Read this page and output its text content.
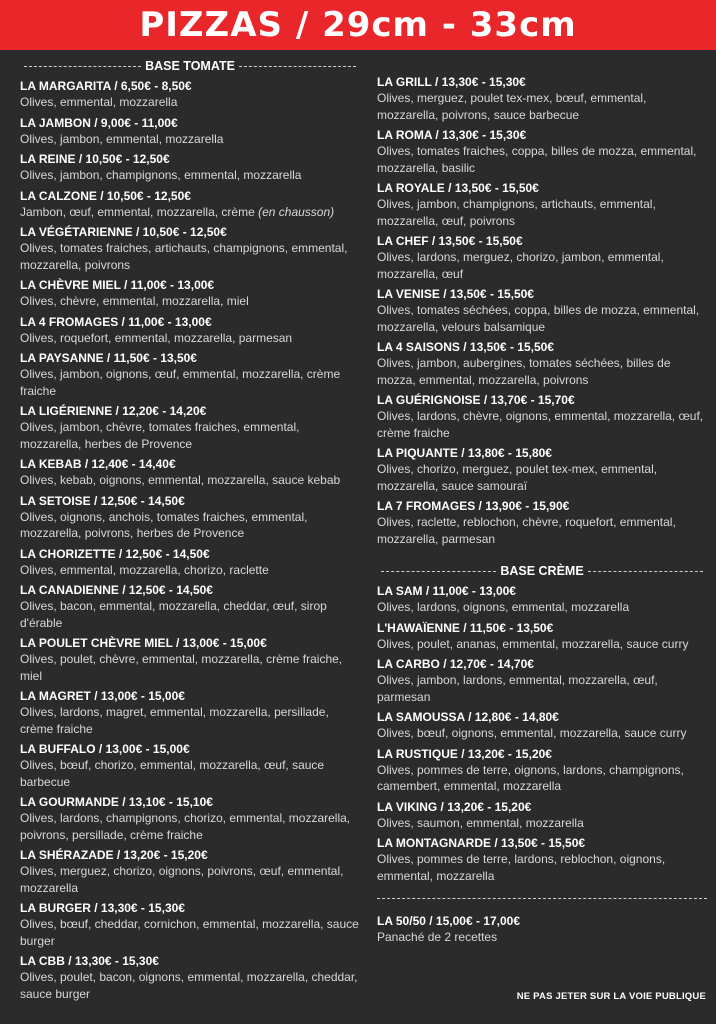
PIZZAS / 29cm - 33cm
BASE TOMATE
LA MARGARITA / 6,50€ - 8,50€
Olives, emmental, mozzarella
LA JAMBON / 9,00€ - 11,00€
Olives, jambon, emmental, mozzarella
LA REINE / 10,50€ - 12,50€
Olives, jambon, champignons, emmental, mozzarella
LA CALZONE / 10,50€ - 12,50€
Jambon, œuf, emmental, mozzarella, crème (en chausson)
LA VÉGÉTARIENNE / 10,50€ - 12,50€
Olives, tomates fraiches, artichauts, champignons, emmental, mozzarella, poivrons
LA CHÈVRE MIEL / 11,00€ - 13,00€
Olives, chèvre, emmental, mozzarella, miel
LA 4 FROMAGES / 11,00€ - 13,00€
Olives, roquefort, emmental, mozzarella, parmesan
LA PAYSANNE / 11,50€ - 13,50€
Olives, jambon, oignons, œuf, emmental, mozzarella, crème fraiche
LA LIGÉRIENNE / 12,20€ - 14,20€
Olives, jambon, chèvre, tomates fraiches, emmental, mozzarella, herbes de Provence
LA KEBAB / 12,40€ - 14,40€
Olives, kebab, oignons, emmental, mozzarella, sauce kebab
LA SETOISE / 12,50€ - 14,50€
Olives, oignons, anchois, tomates fraiches, emmental, mozzarella, poivrons, herbes de Provence
LA CHORIZETTE / 12,50€ - 14,50€
Olives, emmental, mozzarella, chorizo, raclette
LA CANADIENNE / 12,50€ - 14,50€
Olives, bacon, emmental, mozzarella, cheddar, œuf, sirop d'érable
LA POULET CHÈVRE MIEL / 13,00€ - 15,00€
Olives, poulet, chèvre, emmental, mozzarella, crème fraiche, miel
LA MAGRET / 13,00€ - 15,00€
Olives, lardons, magret, emmental, mozzarella, persillade, crème fraiche
LA BUFFALO / 13,00€ - 15,00€
Olives, bœuf, chorizo, emmental, mozzarella, œuf, sauce barbecue
LA GOURMANDE / 13,10€ - 15,10€
Olives, lardons, champignons, chorizo, emmental, mozzarella, poivrons, persillade, crème fraiche
LA SHÉRAZADE / 13,20€ - 15,20€
Olives, merguez, chorizo, oignons, poivrons, œuf, emmental, mozzarella
LA BURGER / 13,30€ - 15,30€
Olives, bœuf, cheddar, cornichon, emmental, mozzarella, sauce burger
LA CBB / 13,30€ - 15,30€
Olives, poulet, bacon, oignons, emmental, mozzarella, cheddar, sauce burger
LA GRILL / 13,30€ - 15,30€
Olives, merguez, poulet tex-mex, bœuf, emmental, mozzarella, poivrons, sauce barbecue
LA ROMA / 13,30€ - 15,30€
Olives, tomates fraiches, coppa, billes de mozza, emmental, mozzarella, basilic
LA ROYALE / 13,50€ - 15,50€
Olives, jambon, champignons, artichauts, emmental, mozzarella, œuf, poivrons
LA CHEF / 13,50€ - 15,50€
Olives, lardons, merguez, chorizo, jambon, emmental, mozzarella, œuf
LA VENISE / 13,50€ - 15,50€
Olives, tomates séchées, coppa, billes de mozza, emmental, mozzarella, velours balsamique
LA 4 SAISONS / 13,50€ - 15,50€
Olives, jambon, aubergines, tomates séchées, billes de mozza, emmental, mozzarella, poivrons
LA GUÉRIGNOISE / 13,70€ - 15,70€
Olives, lardons, chèvre, oignons, emmental, mozzarella, œuf, crème fraiche
LA PIQUANTE / 13,80€ - 15,80€
Olives, chorizo, merguez, poulet tex-mex, emmental, mozzarella, sauce samouraï
LA 7 FROMAGES / 13,90€ - 15,90€
Olives, raclette, reblochon, chèvre, roquefort, emmental, mozzarella, parmesan
BASE CRÈME
LA SAM / 11,00€ - 13,00€
Olives, lardons, oignons, emmental, mozzarella
L'HAWAÏENNE / 11,50€ - 13,50€
Olives, poulet, ananas, emmental, mozzarella, sauce curry
LA CARBO / 12,70€ - 14,70€
Olives, jambon, lardons, emmental, mozzarella, œuf, parmesan
LA SAMOUSSA / 12,80€ - 14,80€
Olives, bœuf, oignons, emmental, mozzarella, sauce curry
LA RUSTIQUE / 13,20€ - 15,20€
Olives, pommes de terre, oignons, lardons, champignons, camembert, emmental, mozzarella
LA VIKING / 13,20€ - 15,20€
Olives, saumon, emmental, mozzarella
LA MONTAGNARDE / 13,50€ - 15,50€
Olives, pommes de terre, lardons, reblochon, oignons, emmental, mozzarella
LA 50/50 / 15,00€ - 17,00€
Panaché de 2 recettes
NE PAS JETER SUR LA VOIE PUBLIQUE
